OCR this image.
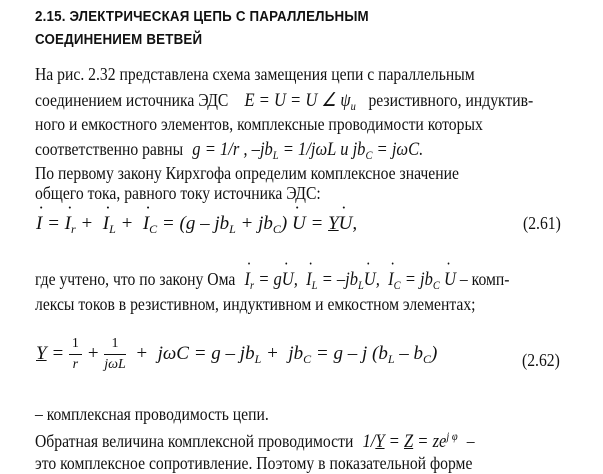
2.15. ЭЛЕКТРИЧЕСКАЯ ЦЕПЬ С ПАРАЛЛЕЛЬНЫМ
СОЕДИНЕНИЕМ ВЕТВЕЙ
На рис. 2.32 представлена схема замещения цепи с параллельным
соединением источника ЭДС E = U = U ∠ $\psi_u$ резистивного, индуктив-
ного и емкостного элементов, комплексные проводимости которых
соответственно равны g = 1/r , $-jb_L = 1/j\omega L$ и $jb_C = j\omega C$.
По первому закону Кирхгофа определим комплексное значение
общего тока, равного току источника ЭДС:
˙ I = ˙ $I_r$ +  ˙ $I_L$ +  ˙ $I_C = (g - jb_L + jb_C)$ ˙ U = Y˙ U,	(2.61)
где учтено, что по закону Ома ˙ $I_r$ = g˙ U,  ˙ $I_L$ = $-jb_L˙$ U,  ˙ $I_C = jb_C$ ˙ U – комп-
лексы токов в резистивном, индуктивном и емкостном элементах;
$Y = \frac{1}{r} + \frac{1}{\text{jωL}} + j\omega C = g - jb_L + jb_C = g - j$ $(b_L - b_C)$	(2.62)
– комплексная проводимость цепи.
Обратная величина комплексной проводимости $1/Y = Z = ze^{j \varphi}$ –
это комплексное сопротивление. Поэтому в показательной форме
